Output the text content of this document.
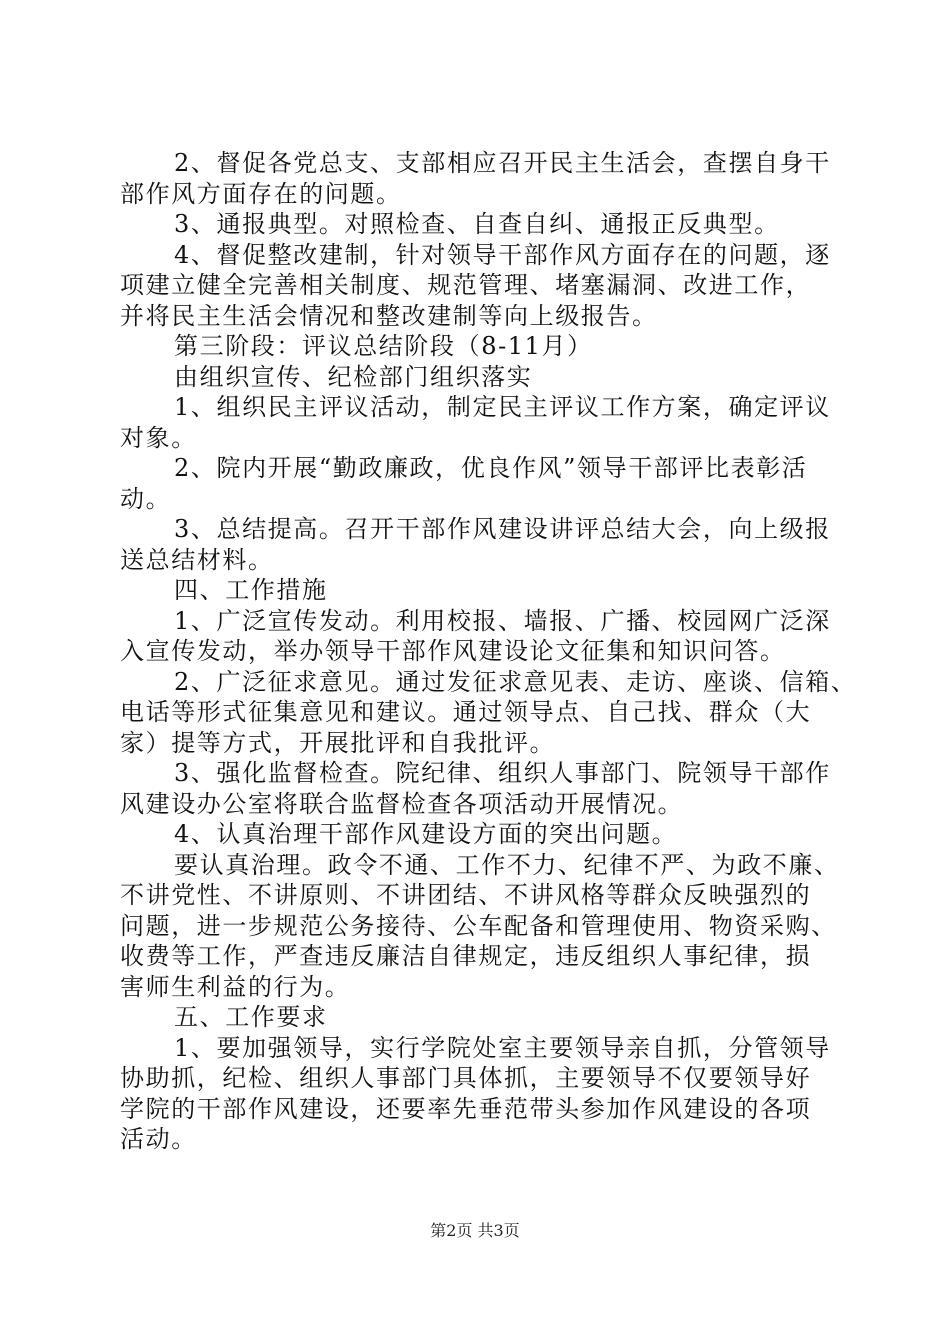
2、督促各党总支、支部相应召开民主生活会，查摆自身干
部作风方面存在的问题。
3、通报典型。对照检查、自查自纠、通报正反典型。
4、督促整改建制，针对领导干部作风方面存在的问题，逐
项建立健全完善相关制度、规范管理、堵塞漏洞、改进工作，
并将民主生活会情况和整改建制等向上级报告。
第三阶段：评议总结阶段（8-11月）
由组织宣传、纪检部门组织落实
1、组织民主评议活动，制定民主评议工作方案，确定评议
对象。
2、院内开展“勤政廉政，优良作风”领导干部评比表彰活
动。
3、总结提高。召开干部作风建设讲评总结大会，向上级报
送总结材料。
四、工作措施
1、广泛宣传发动。利用校报、墙报、广播、校园网广泛深
入宣传发动，举办领导干部作风建设论文征集和知识问答。
2、广泛征求意见。通过发征求意见表、走访、座谈、信箱、
电话等形式征集意见和建议。通过领导点、自己找、群众（大
家）提等方式，开展批评和自我批评。
3、强化监督检查。院纪律、组织人事部门、院领导干部作
风建设办公室将联合监督检查各项活动开展情况。
4、认真治理干部作风建设方面的突出问题。
要认真治理。政令不通、工作不力、纪律不严、为政不廉、
不讲党性、不讲原则、不讲团结、不讲风格等群众反映强烈的
问题，进一步规范公务接待、公车配备和管理使用、物资采购、
收费等工作，严查违反廉洁自律规定，违反组织人事纪律，损
害师生利益的行为。
五、工作要求
1、要加强领导，实行学院处室主要领导亲自抓，分管领导
协助抓，纪检、组织人事部门具体抓，主要领导不仅要领导好
学院的干部作风建设，还要率先垂范带头参加作风建设的各项
活动。
第2页 共3页
